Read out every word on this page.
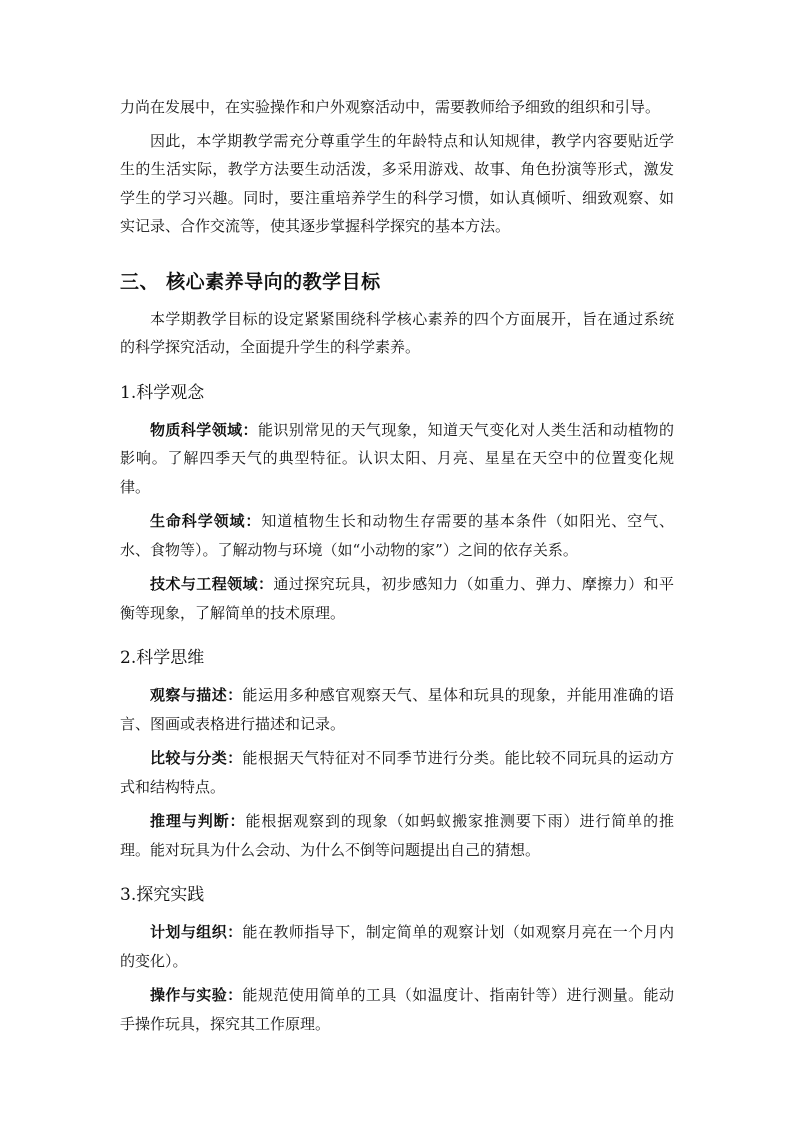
力尚在发展中，在实验操作和户外观察活动中，需要教师给予细致的组织和引导。

因此，本学期教学需充分尊重学生的年龄特点和认知规律，教学内容要贴近学生的生活实际，教学方法要生动活泼，多采用游戏、故事、角色扮演等形式，激发学生的学习兴趣。同时，要注重培养学生的科学习惯，如认真倾听、细致观察、如实记录、合作交流等，使其逐步掌握科学探究的基本方法。

三、 核心素养导向的教学目标

本学期教学目标的设定紧紧围绕科学核心素养的四个方面展开，旨在通过系统的科学探究活动，全面提升学生的科学素养。

1.科学观念

物质科学领域：能识别常见的天气现象，知道天气变化对人类生活和动植物的影响。了解四季天气的典型特征。认识太阳、月亮、星星在天空中的位置变化规律。

生命科学领域：知道植物生长和动物生存需要的基本条件（如阳光、空气、水、食物等）。了解动物与环境（如“小动物的家”）之间的依存关系。

技术与工程领域：通过探究玩具，初步感知力（如重力、弹力、摩擦力）和平衡等现象，了解简单的技术原理。

2.科学思维

观察与描述：能运用多种感官观察天气、星体和玩具的现象，并能用准确的语言、图画或表格进行描述和记录。

比较与分类：能根据天气特征对不同季节进行分类。能比较不同玩具的运动方式和结构特点。

推理与判断：能根据观察到的现象（如蚂蚁搬家推测要下雨）进行简单的推理。能对玩具为什么会动、为什么不倒等问题提出自己的猜想。

3.探究实践

计划与组织：能在教师指导下，制定简单的观察计划（如观察月亮在一个月内的变化）。

操作与实验：能规范使用简单的工具（如温度计、指南针等）进行测量。能动手操作玩具，探究其工作原理。
